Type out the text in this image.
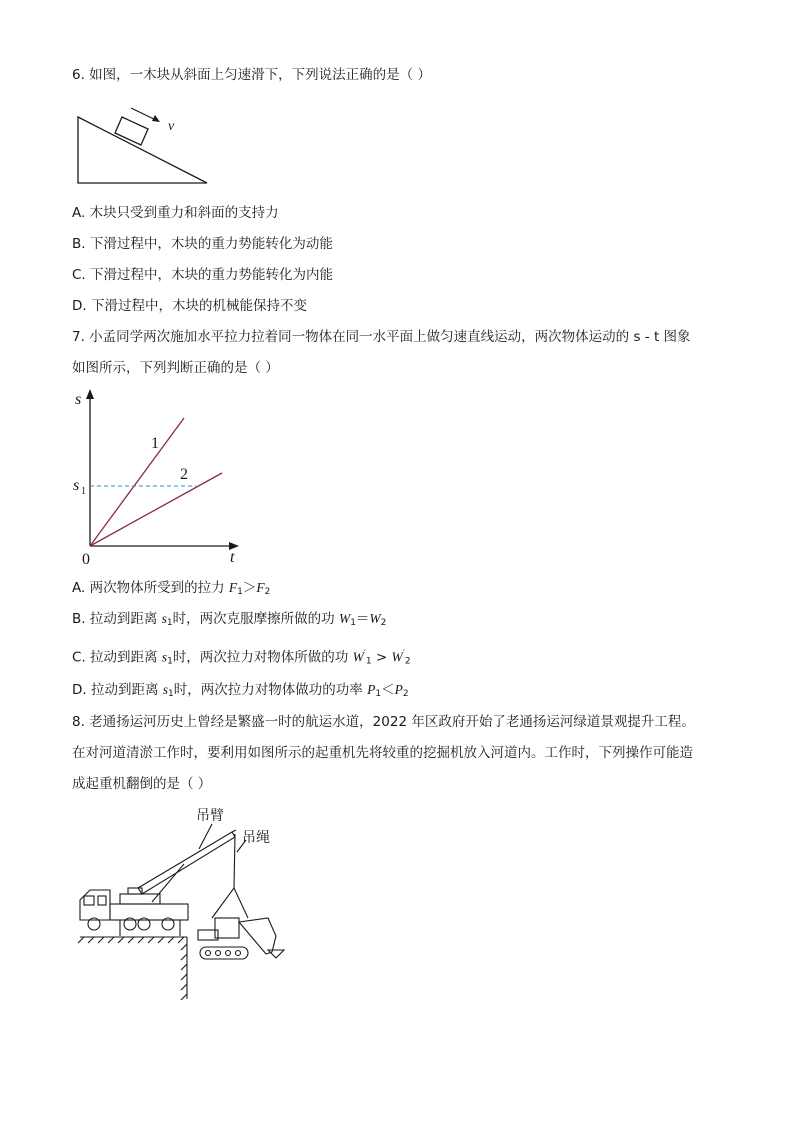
6. 如图，一木块从斜面上匀速滑下，下列说法正确的是（ ）
v
A. 木块只受到重力和斜面的支持力
B. 下滑过程中，木块的重力势能转化为动能
C. 下滑过程中，木块的重力势能转化为内能
D. 下滑过程中，木块的机械能保持不变
7. 小孟同学两次施加水平拉力拉着同一物体在同一水平面上做匀速直线运动，两次物体运动的 s - t 图象
如图所示，下列判断正确的是（ ）
s
t
0
1
2
s 1
A. 两次物体所受到的拉力 $F_1>F_2$
B. 拉动到距离 $s_1$时，两次克服摩擦所做的功 $W_1=W_2$
C. 拉动到距离 $s_1$时，两次拉力对物体所做的功 $W'_1 > W'_2$
D. 拉动到距离 $s_1$时，两次拉力对物体做功的功率 $P_1<P_2$
8. 老通扬运河历史上曾经是繁盛一时的航运水道，2022 年区政府开始了老通扬运河绿道景观提升工程。
在对河道清淤工作时，要利用如图所示的起重机先将较重的挖掘机放入河道内。工作时，下列操作可能造
成起重机翻倒的是（ ）
吊臂
吊绳
